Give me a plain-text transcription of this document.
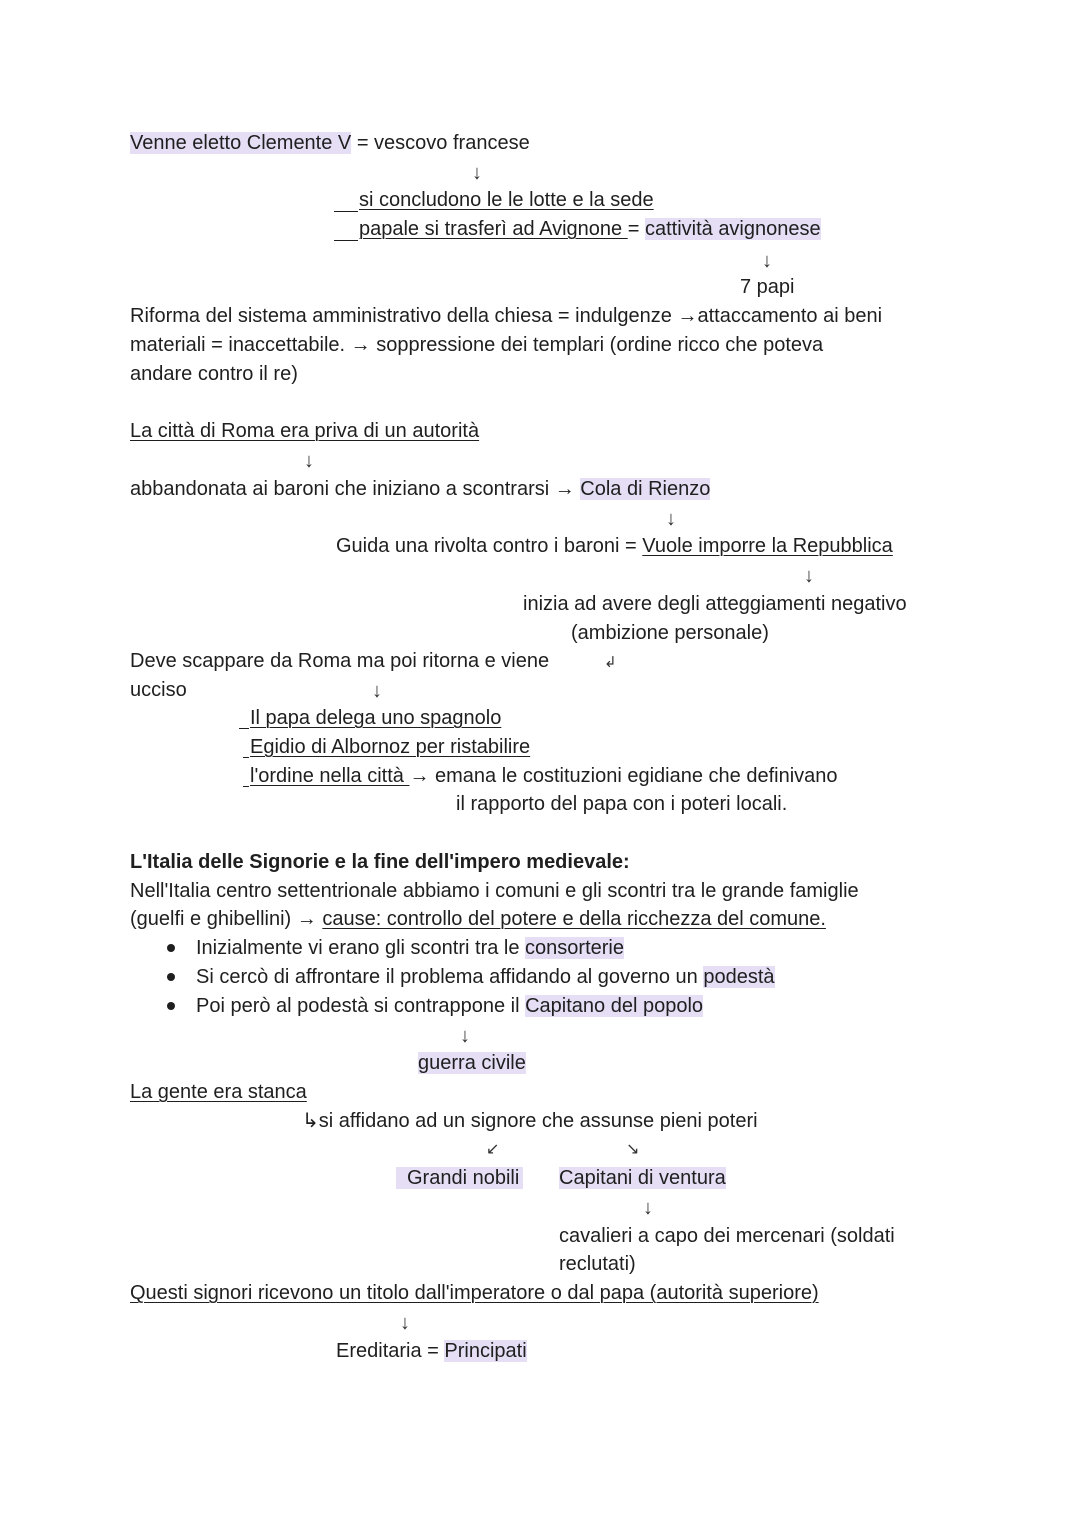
Venne eletto Clemente V = vescovo francese
↓
si concludono le le lotte e la sede
papale si trasferì ad Avignone = cattività avignonese
↓
7 papi
Riforma del sistema amministrativo della chiesa = indulgenze →attaccamento ai beni
materiali = inaccettabile. → soppressione dei templari (ordine ricco che poteva
andare contro il re)
La città di Roma era priva di un autorità
↓
abbandonata ai baroni che iniziano a scontrarsi → Cola di Rienzo
↓
Guida una rivolta contro i baroni = Vuole imporre la Repubblica
↓
inizia ad avere degli atteggiamenti negativo
(ambizione personale)
Deve scappare da Roma ma poi ritorna e viene	↲
ucciso	↓
Il papa delega uno spagnolo
Egidio di Albornoz per ristabilire
l'ordine nella città → emana le costituzioni egidiane che definivano
il rapporto del papa con i poteri locali.
L'Italia delle Signorie e la fine dell'impero medievale:
Nell'Italia centro settentrionale abbiamo i comuni e gli scontri tra le grande famiglie
(guelfi e ghibellini) → cause: controllo del potere e della ricchezza del comune.
Inizialmente vi erano gli scontri tra le consorterie
Si cercò di affrontare il problema affidando al governo un podestà
Poi però al podestà si contrappone il Capitano del popolo
↓
guerra civile
La gente era stanca
↳si affidano ad un signore che assunse pieni poteri
↙	↘
Grandi nobili Capitani di ventura
↓
cavalieri a capo dei mercenari (soldati
reclutati)
Questi signori ricevono un titolo dall'imperatore o dal papa (autorità superiore)
↓
Ereditaria = Principati
